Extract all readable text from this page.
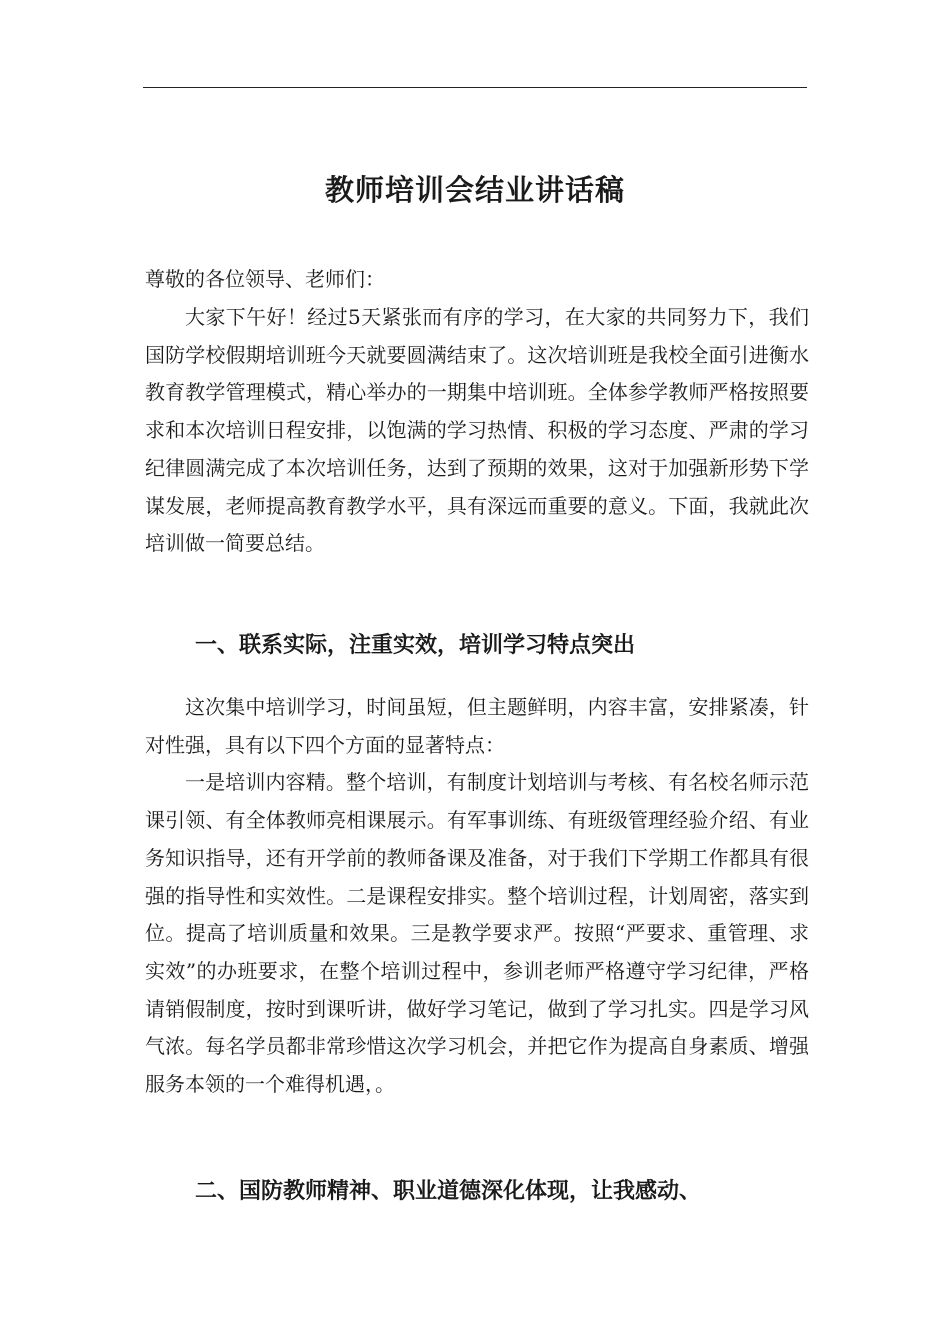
教师培训会结业讲话稿

尊敬的各位领导、老师们：

大家下午好！经过5天紧张而有序的学习，在大家的共同努力下，我们国防学校假期培训班今天就要圆满结束了。这次培训班是我校全面引进衡水教育教学管理模式，精心举办的一期集中培训班。全体参学教师严格按照要求和本次培训日程安排，以饱满的学习热情、积极的学习态度、严肃的学习纪律圆满完成了本次培训任务，达到了预期的效果，这对于加强新形势下学谋发展，老师提高教育教学水平，具有深远而重要的意义。下面，我就此次培训做一简要总结。

一、联系实际，注重实效，培训学习特点突出

这次集中培训学习，时间虽短，但主题鲜明，内容丰富，安排紧凑，针对性强，具有以下四个方面的显著特点：

一是培训内容精。整个培训，有制度计划培训与考核、有名校名师示范课引领、有全体教师亮相课展示。有军事训练、有班级管理经验介绍、有业务知识指导，还有开学前的教师备课及准备，对于我们下学期工作都具有很强的指导性和实效性。二是课程安排实。整个培训过程，计划周密，落实到位。提高了培训质量和效果。三是教学要求严。按照“严要求、重管理、求实效”的办班要求，在整个培训过程中，参训老师严格遵守学习纪律，严格请销假制度，按时到课听讲，做好学习笔记，做到了学习扎实。四是学习风气浓。每名学员都非常珍惜这次学习机会，并把它作为提高自身素质、增强服务本领的一个难得机遇，。

二、国防教师精神、职业道德深化体现，让我感动、
